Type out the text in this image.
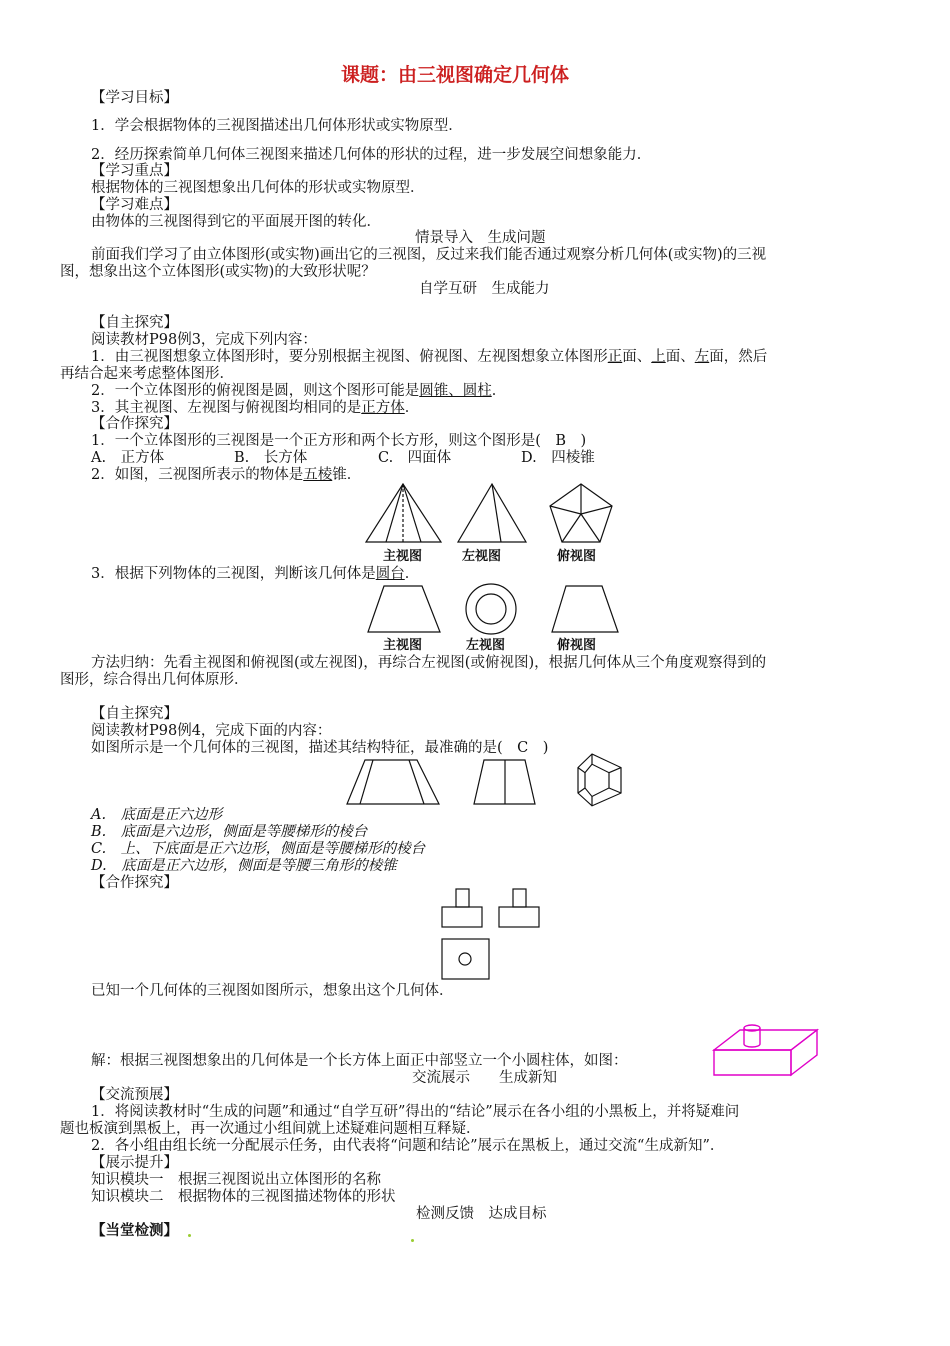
课题：由三视图确定几何体
【学习目标】
1．学会根据物体的三视图描述出几何体形状或实物原型．
2．经历探索简单几何体三视图来描述几何体的形状的过程，进一步发展空间想象能力．
【学习重点】
根据物体的三视图想象出几何体的形状或实物原型．
【学习难点】
由物体的三视图得到它的平面展开图的转化．
情景导入　生成问题
前面我们学习了由立体图形(或实物)画出它的三视图，反过来我们能否通过观察分析几何体(或实物)的三视
图，想象出这个立体图形(或实物)的大致形状呢？
自学互研　生成能力
【自主探究】
阅读教材P98例3，完成下列内容：
1．由三视图想象立体图形时，要分别根据主视图、俯视图、左视图想象立体图形正面、上面、左面，然后
再结合起来考虑整体图形．
2．一个立体图形的俯视图是圆，则这个图形可能是圆锥、圆柱．
3．其主视图、左视图与俯视图均相同的是正方体．
【合作探究】
1．一个立体图形的三视图是一个正方形和两个长方形，则这个图形是(　B　)
A.　正方体	B.　长方体	C.　四面体	D.　四棱锥
2．如图，三视图所表示的物体是五棱锥．
主视图	左视图	俯视图
3．根据下列物体的三视图，判断该几何体是圆台．
主视图	左视图	俯视图
方法归纳：先看主视图和俯视图(或左视图)，再综合左视图(或俯视图)，根据几何体从三个角度观察得到的
图形，综合得出几何体原形．
【自主探究】
阅读教材P98例4，完成下面的内容：
如图所示是一个几何体的三视图，描述其结构特征，最准确的是(　C　)
A.　底面是正六边形
B.　底面是六边形，侧面是等腰梯形的棱台
C.　上、下底面是正六边形，侧面是等腰梯形的棱台
D.　底面是正六边形，侧面是等腰三角形的棱锥
【合作探究】
已知一个几何体的三视图如图所示，想象出这个几何体．
解：根据三视图想象出的几何体是一个长方体上面正中部竖立一个小圆柱体，如图：
交流展示　　生成新知
【交流预展】
1．将阅读教材时“生成的问题”和通过“自学互研”得出的“结论”展示在各小组的小黑板上，并将疑难问
题也板演到黑板上，再一次通过小组间就上述疑难问题相互释疑．
2．各小组由组长统一分配展示任务，由代表将“问题和结论”展示在黑板上，通过交流“生成新知”．
【展示提升】
知识模块一　根据三视图说出立体图形的名称
知识模块二　根据物体的三视图描述物体的形状
检测反馈　达成目标
【当堂检测】
